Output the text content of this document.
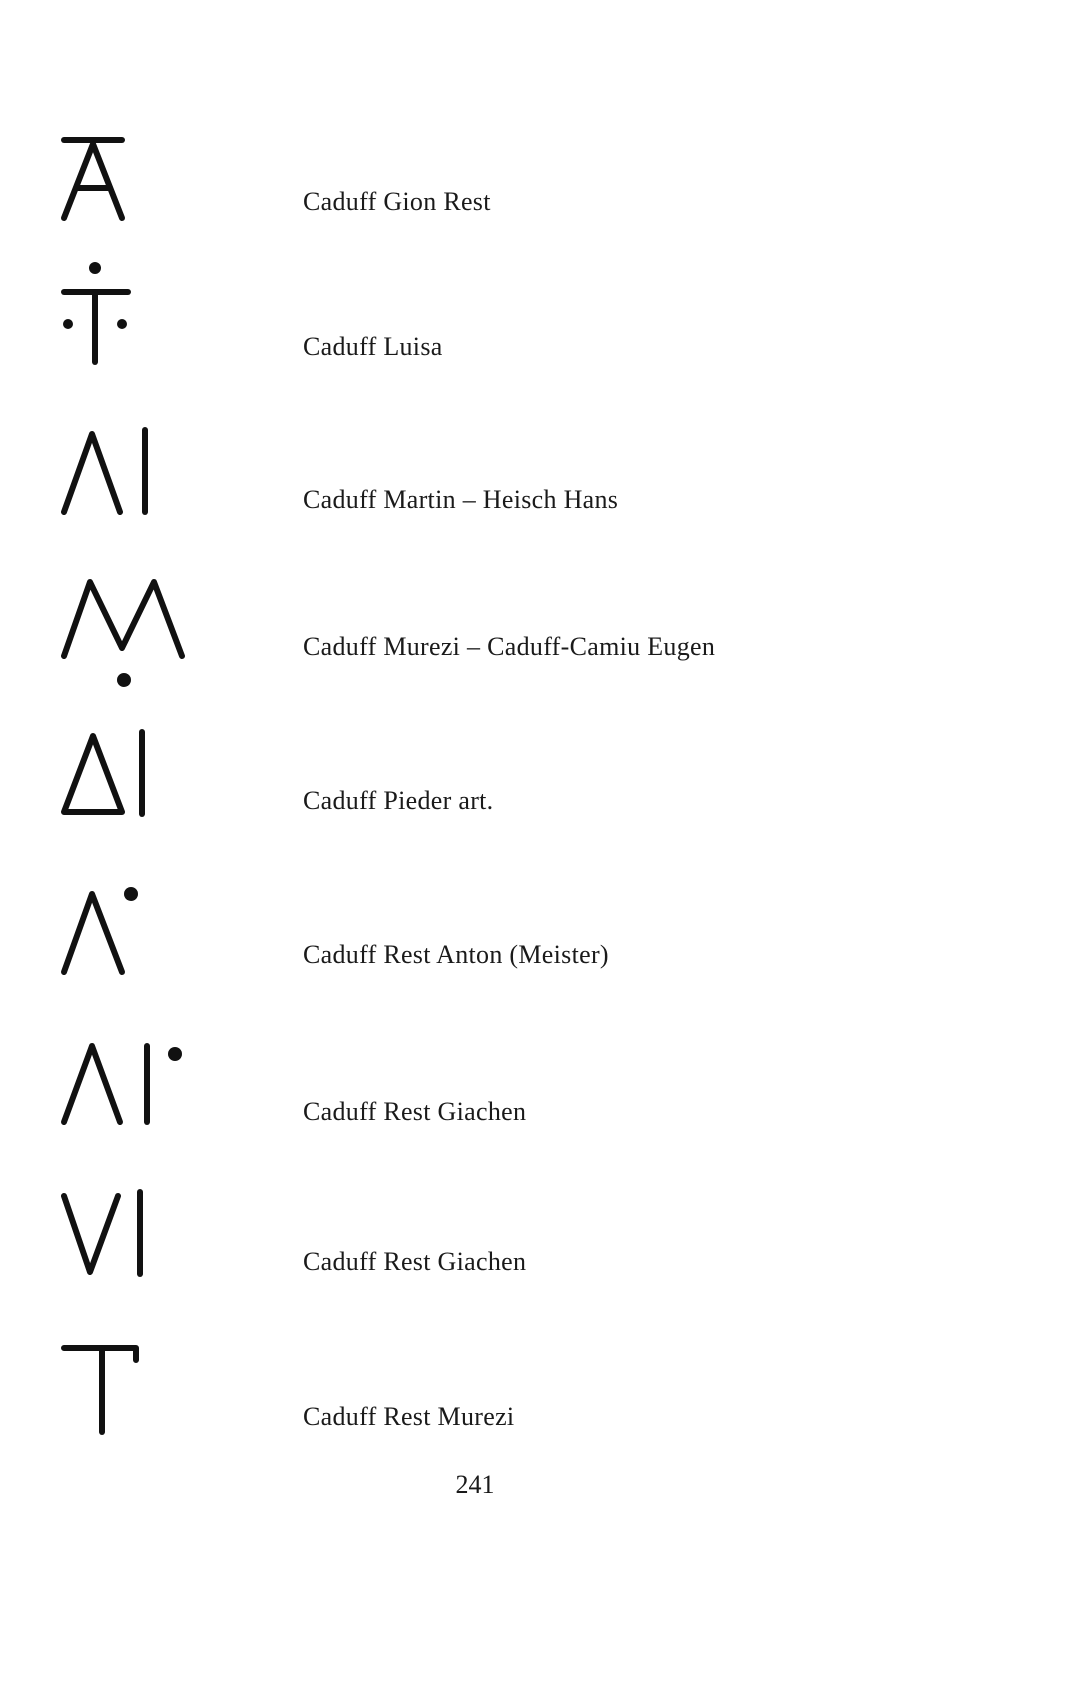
Caduff Gion Rest
Caduff Luisa
Caduff Martin – Heisch Hans
Caduff Murezi – Caduff-Camiu Eugen
Caduff Pieder art.
Caduff Rest Anton (Meister)
Caduff Rest Giachen
Caduff Rest Giachen
Caduff Rest Murezi
241
